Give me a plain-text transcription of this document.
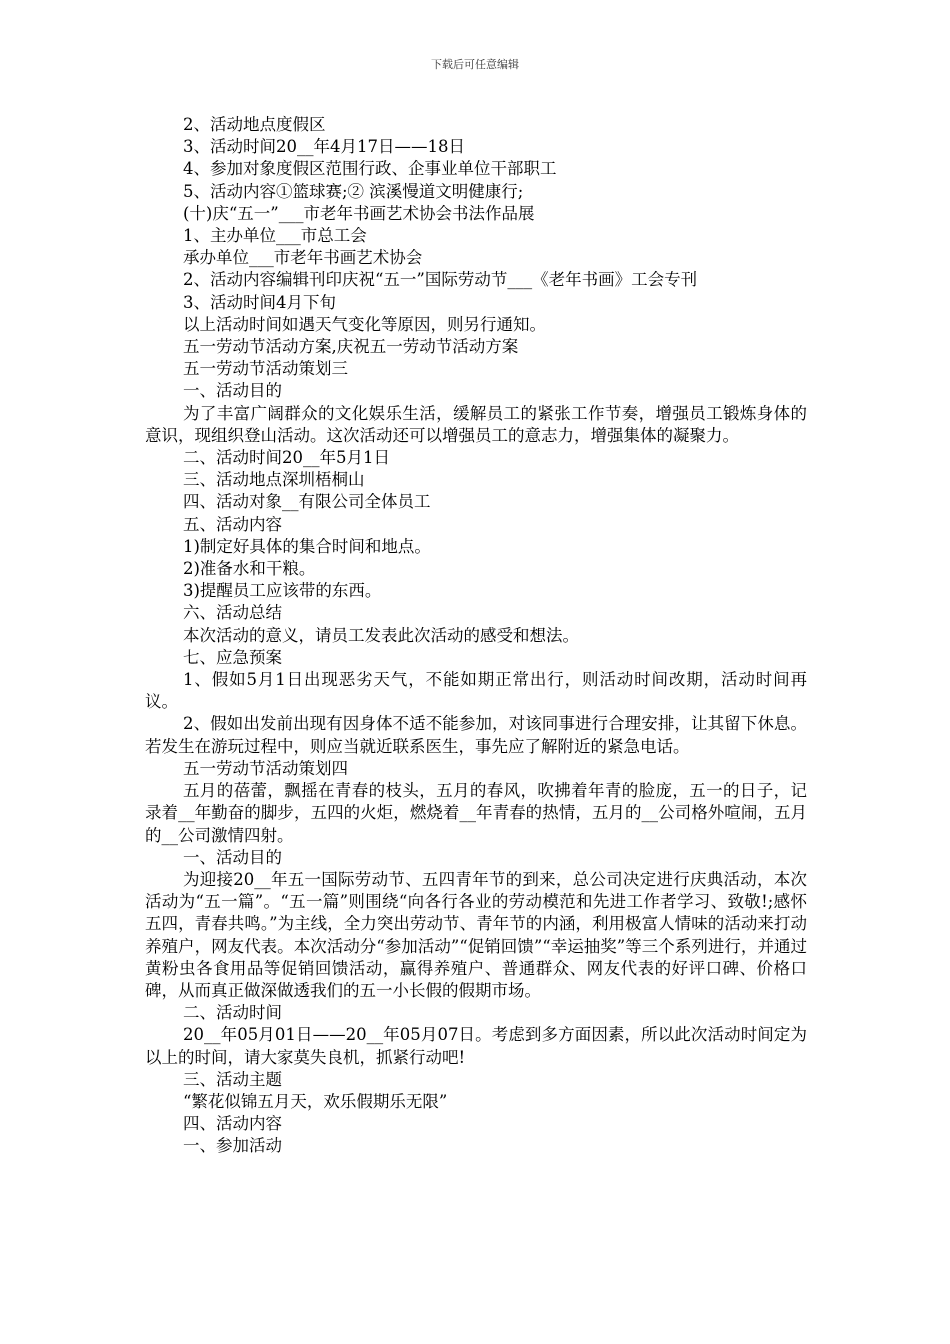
下载后可任意编辑

2、活动地点度假区

3、活动时间20__年4月17日——18日

4、参加对象度假区范围行政、企事业单位干部职工

5、活动内容①篮球赛;② 滨溪慢道文明健康行;

(十)庆“五一”___市老年书画艺术协会书法作品展

1、主办单位___市总工会

承办单位___市老年书画艺术协会

2、活动内容编辑刊印庆祝“五一”国际劳动节___《老年书画》工会专刊

3、活动时间4月下旬

以上活动时间如遇天气变化等原因，则另行通知。

五一劳动节活动方案,庆祝五一劳动节活动方案

五一劳动节活动策划三

一、活动目的

为了丰富广阔群众的文化娱乐生活，缓解员工的紧张工作节奏，增强员工锻炼身体的意识，现组织登山活动。这次活动还可以增强员工的意志力，增强集体的凝聚力。

二、活动时间20__年5月1日

三、活动地点深圳梧桐山

四、活动对象__有限公司全体员工

五、活动内容

1)制定好具体的集合时间和地点。

2)准备水和干粮。

3)提醒员工应该带的东西。

六、活动总结

本次活动的意义，请员工发表此次活动的感受和想法。

七、应急预案

1、假如5月1日出现恶劣天气，不能如期正常出行，则活动时间改期，活动时间再议。

2、假如出发前出现有因身体不适不能参加，对该同事进行合理安排，让其留下休息。若发生在游玩过程中，则应当就近联系医生，事先应了解附近的紧急电话。

五一劳动节活动策划四

五月的蓓蕾，飘摇在青春的枝头，五月的春风，吹拂着年青的脸庞，五一的日子，记录着__年勤奋的脚步，五四的火炬，燃烧着__年青春的热情，五月的__公司格外喧闹，五月的__公司激情四射。

一、活动目的

为迎接20__年五一国际劳动节、五四青年节的到来，总公司决定进行庆典活动，本次活动为“五一篇”。“五一篇”则围绕“向各行各业的劳动模范和先进工作者学习、致敬!;感怀五四，青春共鸣。”为主线，全力突出劳动节、青年节的内涵，利用极富人情味的活动来打动养殖户，网友代表。本次活动分“参加活动”“促销回馈”“幸运抽奖”等三个系列进行，并通过黄粉虫各食用品等促销回馈活动，赢得养殖户、普通群众、网友代表的好评口碑、价格口碑，从而真正做深做透我们的五一小长假的假期市场。

二、活动时间

20__年05月01日——20__年05月07日。考虑到多方面因素，所以此次活动时间定为以上的时间，请大家莫失良机，抓紧行动吧!

三、活动主题

“繁花似锦五月天，欢乐假期乐无限”

四、活动内容

一、参加活动
